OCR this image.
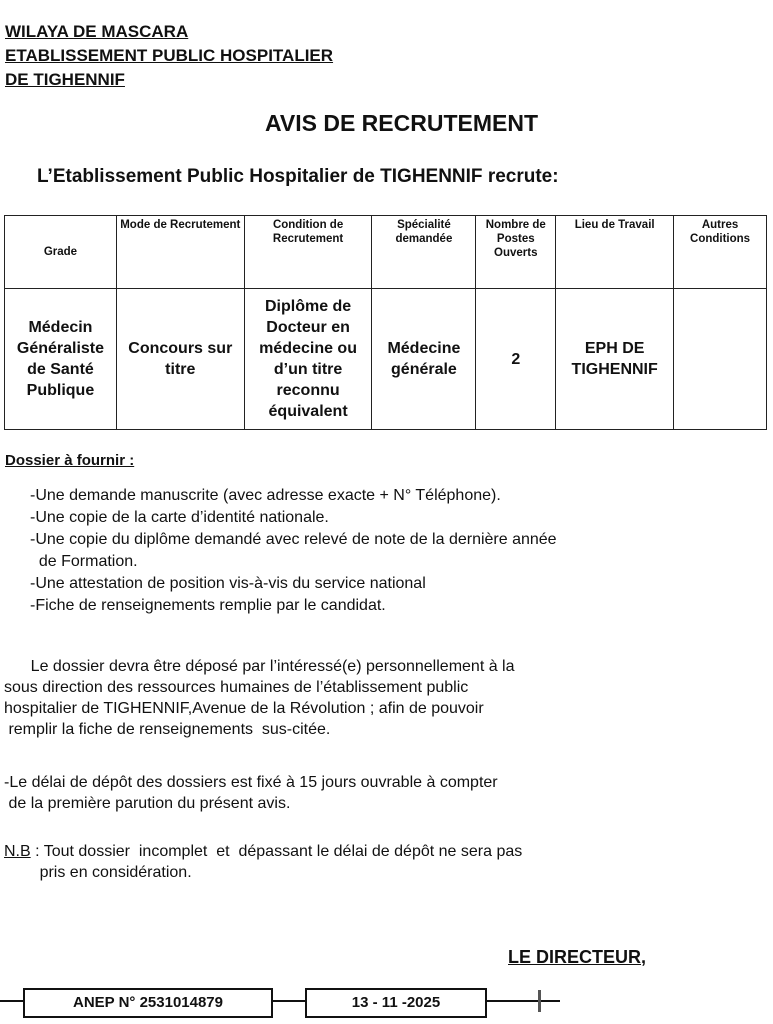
WILAYA DE MASCARA
ETABLISSEMENT PUBLIC HOSPITALIER
DE TIGHENNIF
AVIS DE RECRUTEMENT
L’Etablissement Public Hospitalier de TIGHENNIF recrute:
Grade	Mode de Recrutement	Condition de Recrutement	Spécialité demandée	Nombre de Postes Ouverts	Lieu de Travail	Autres Conditions
Médecin Généraliste de Santé Publique	Concours sur titre	Diplôme de Docteur en médecine ou d’un titre reconnu équivalent	Médecine générale	2	EPH DE TIGHENNIF	
Dossier à fournir :
-Une demande manuscrite (avec adresse exacte + N° Téléphone).
-Une copie de la carte d’identité nationale.
-Une copie du diplôme demandé avec relevé de note de la dernière année
de Formation.
-Une attestation de position vis-à-vis du service national
-Fiche de renseignements remplie par le candidat.
Le dossier devra être déposé par l’intéressé(e) personnellement à la
sous direction des ressources humaines de l’établissement public
hospitalier de TIGHENNIF,Avenue de la Révolution ; afin de pouvoir
remplir la fiche de renseignements  sus-citée.
-Le délai de dépôt des dossiers est fixé à 15 jours ouvrable à compter
de la première parution du présent avis.
N.B : Tout dossier  incomplet  et  dépassant le délai de dépôt ne sera pas
pris en considération.
LE DIRECTEUR,
ANEP N° 2531014879	13 - 11 -2025
